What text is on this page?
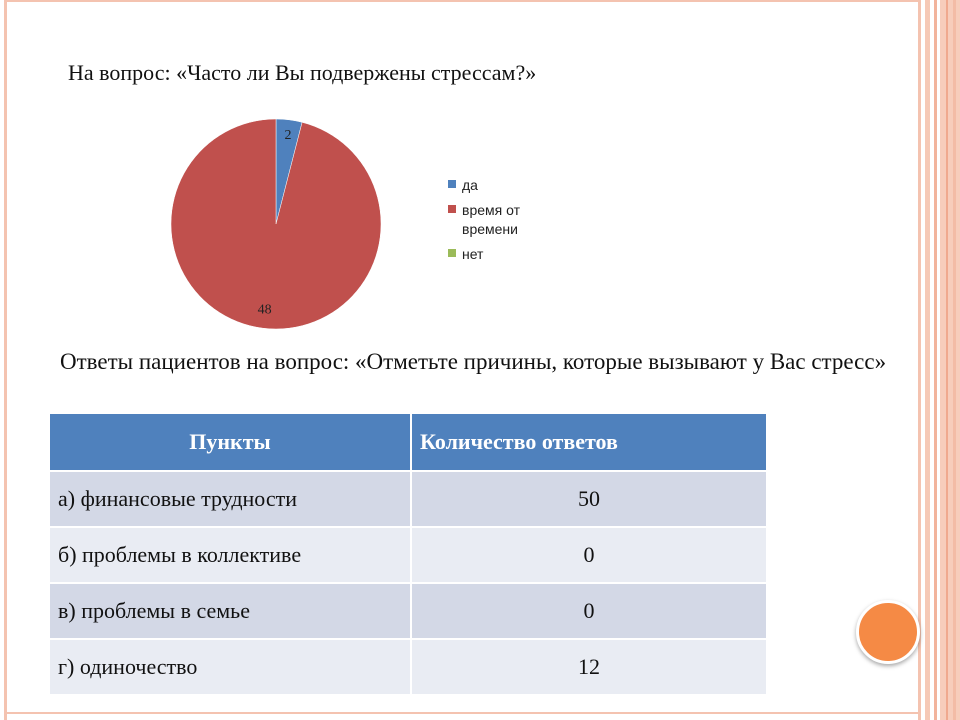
На вопрос: «Часто ли Вы подвержены стрессам?»
2
48
да
время от времени
нет
Ответы пациентов на вопрос: «Отметьте причины, которые вызывают у Вас стресс»
Пункты	Количество ответов
а) финансовые трудности	50
б) проблемы в коллективе	0
в) проблемы в семье	0
г) одиночество	12
